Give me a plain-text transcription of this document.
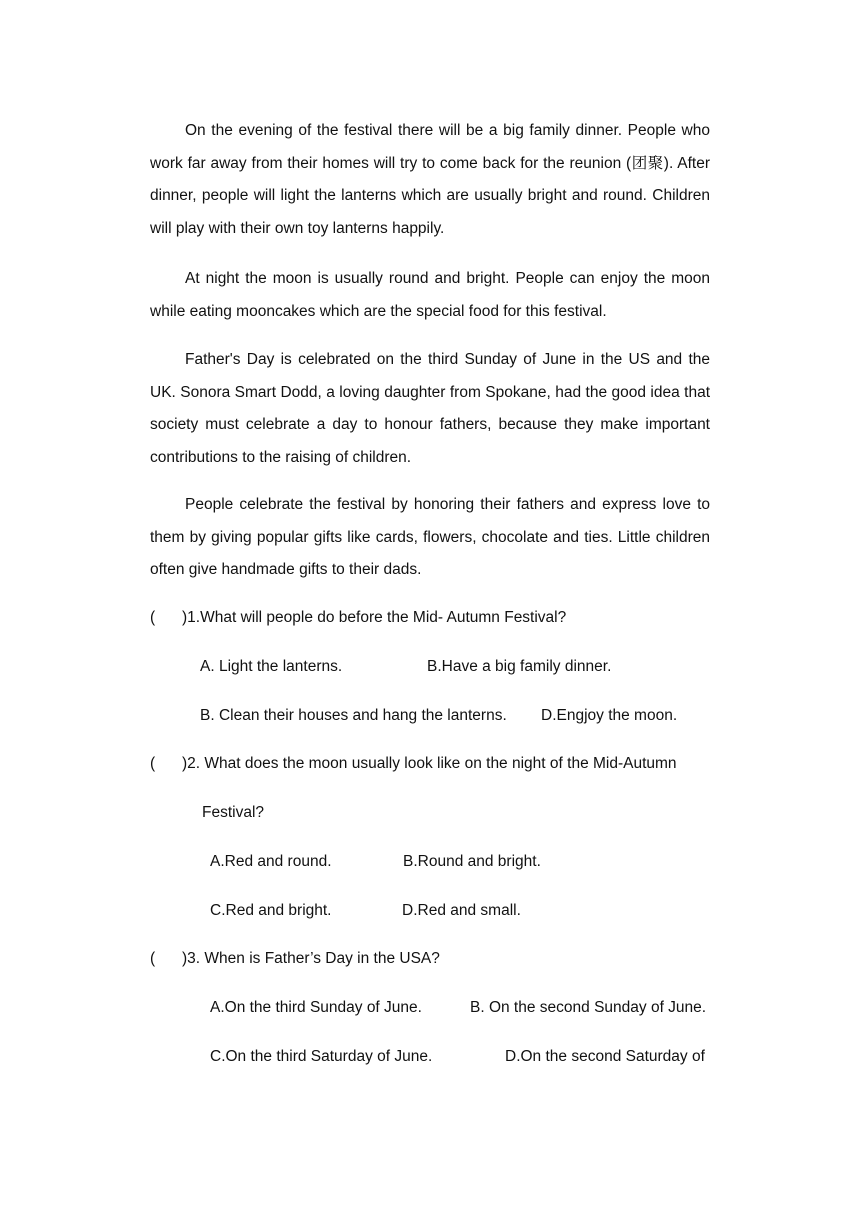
On the evening of the festival there will be a big family dinner. People who work far away from their homes will try to come back for the reunion (团聚). After dinner, people will light the lanterns which are usually bright and round. Children will play with their own toy lanterns happily.

At night the moon is usually round and bright. People can enjoy the moon while eating mooncakes which are the special food for this festival.

Father's Day is celebrated on the third Sunday of June in the US and the UK. Sonora Smart Dodd, a loving daughter from Spokane, had the good idea that society must celebrate a day to honour fathers, because they make important contributions to the raising of children.

People celebrate the festival by honoring their fathers and express love to them by giving popular gifts like cards, flowers, chocolate and ties. Little children often give handmade gifts to their dads.

( )1.What will people do before the Mid- Autumn Festival?
A. Light the lanterns.	B.Have a big family dinner.
B. Clean their houses and hang the lanterns. D.Engjoy the moon.
( )2. What does the moon usually look like on the night of the Mid-Autumn
Festival?
A.Red and round.	B.Round and bright.
C.Red and bright.	D.Red and small.
( )3. When is Father’s Day in the USA?
A.On the third Sunday of June.	B. On the second Sunday of June.
C.On the third Saturday of June.	D.On the second Saturday of
